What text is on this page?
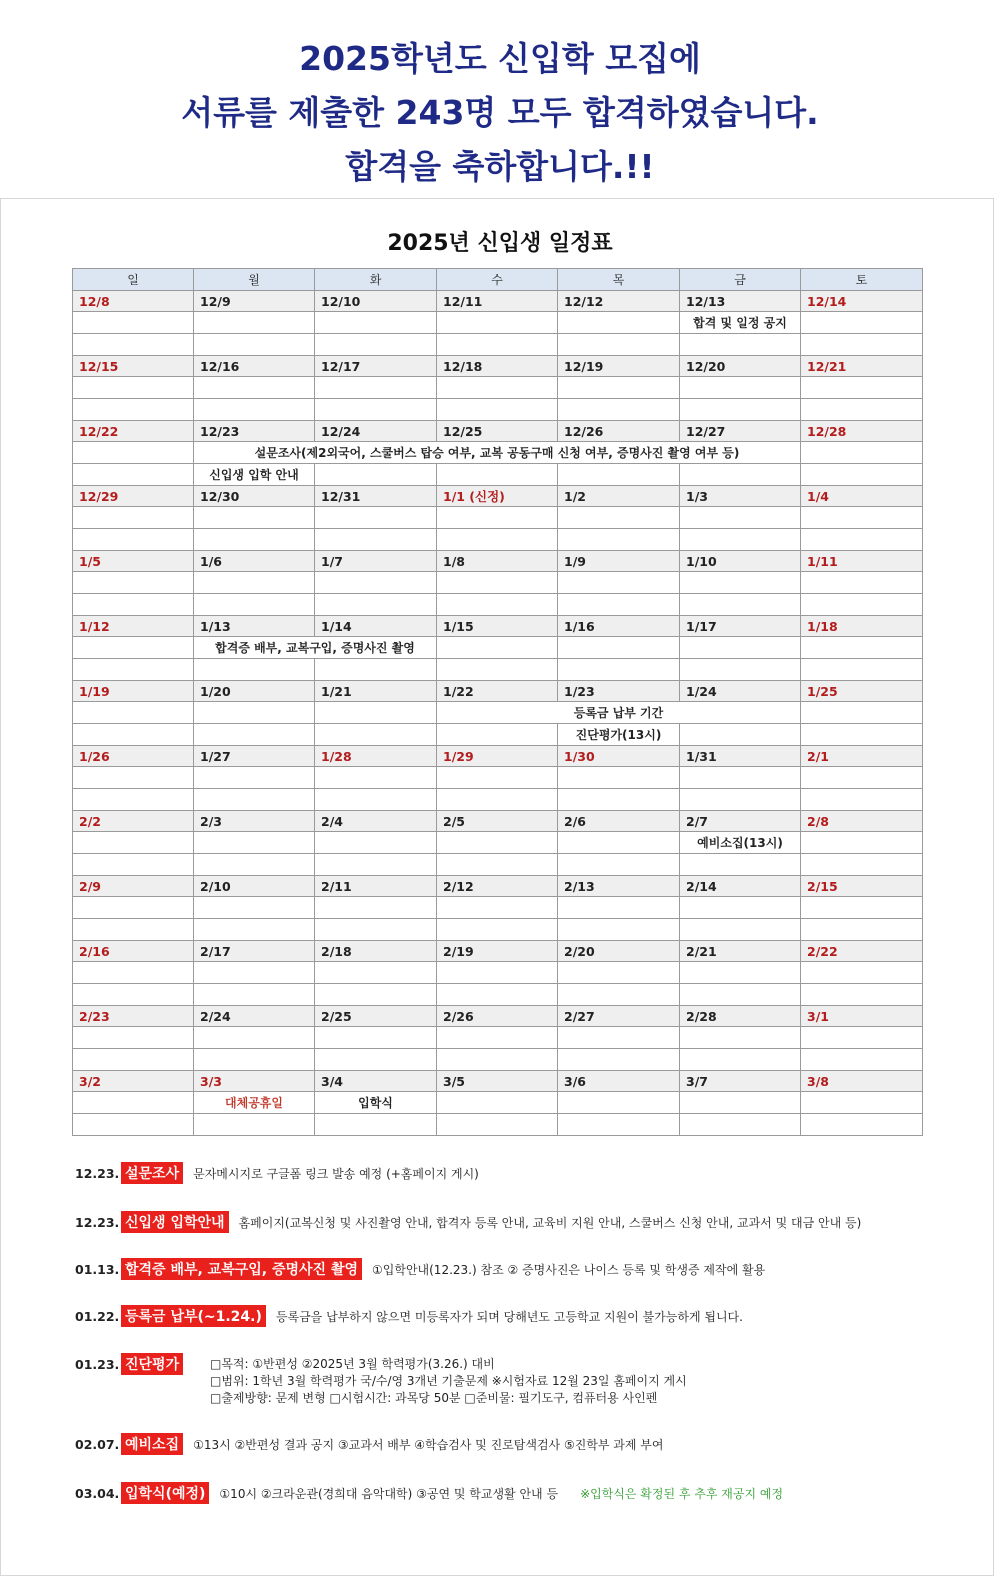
2025학년도 신입학 모집에
서류를 제출한 243명 모두 합격하였습니다.
합격을 축하합니다.!!
2025년 신입생 일정표
일	월	화	수	목	금	토
12/8	12/9	12/10	12/11	12/12	12/13	12/14
					합격 및 일정 공지	

12/15	12/16	12/17	12/18	12/19	12/20	12/21

12/22	12/23	12/24	12/25	12/26	12/27	12/28
	설문조사(제2외국어, 스쿨버스 탑승 여부, 교복 공동구매 신청 여부, 증명사진 촬영 여부 등)					
	신입생 입학 안내					
12/29	12/30	12/31	1/1 (신정)	1/2	1/3	1/4

1/5	1/6	1/7	1/8	1/9	1/10	1/11

1/12	1/13	1/14	1/15	1/16	1/17	1/18
	합격증 배부, 교복구입, 증명사진 촬영					

1/19	1/20	1/21	1/22	1/23	1/24	1/25
			등록금 납부 기간			
				진단평가(13시)		
1/26	1/27	1/28	1/29	1/30	1/31	2/1

2/2	2/3	2/4	2/5	2/6	2/7	2/8
					예비소집(13시)	

2/9	2/10	2/11	2/12	2/13	2/14	2/15

2/16	2/17	2/18	2/19	2/20	2/21	2/22

2/23	2/24	2/25	2/26	2/27	2/28	3/1

3/2	3/3	3/4	3/5	3/6	3/7	3/8
	대체공휴일	입학식				

12.23. 설문조사 문자메시지로 구글폼 링크 발송 예정 (+홈페이지 게시)
12.23. 신입생 입학안내 홈페이지(교복신청 및 사진촬영 안내, 합격자 등록 안내, 교육비 지원 안내, 스쿨버스 신청 안내, 교과서 및 대금 안내 등)
01.13. 합격증 배부, 교복구입, 증명사진 촬영 ①입학안내(12.23.) 참조 ② 증명사진은 나이스 등록 및 학생증 제작에 활용
01.22. 등록금 납부(~1.24.) 등록금을 납부하지 않으면 미등록자가 되며 당해년도 고등학교 지원이 불가능하게 됩니다.
01.23. 진단평가	□목적: ①반편성 ②2025년 3월 학력평가(3.26.) 대비
□범위: 1학년 3월 학력평가 국/수/영 3개년 기출문제 ※시험자료 12월 23일 홈페이지 게시
□출제방향: 문제 변형 □시험시간: 과목당 50분 □준비물: 필기도구, 컴퓨터용 사인펜
02.07. 예비소집 ①13시 ②반편성 결과 공지 ③교과서 배부 ④학습검사 및 진로탐색검사 ⑤진학부 과제 부여
03.04. 입학식(예정) ①10시 ②크라운관(경희대 음악대학) ③공연 및 학교생활 안내 등 ※입학식은 확정된 후 추후 재공지 예정
